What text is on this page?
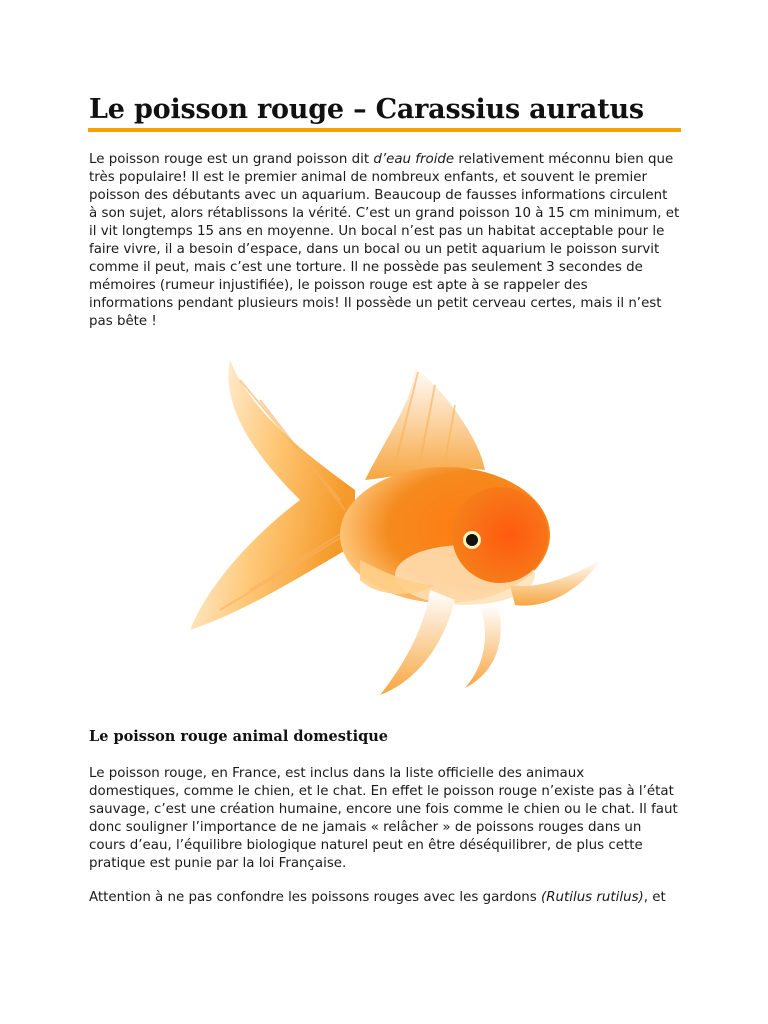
Le poisson rouge – Carassius auratus
Le poisson rouge est un grand poisson dit d’eau froide relativement méconnu bien que
très populaire! Il est le premier animal de nombreux enfants, et souvent le premier
poisson des débutants avec un aquarium. Beaucoup de fausses informations circulent
à son sujet, alors rétablissons la vérité. C’est un grand poisson 10 à 15 cm minimum, et
il vit longtemps 15 ans en moyenne. Un bocal n’est pas un habitat acceptable pour le
faire vivre, il a besoin d’espace, dans un bocal ou un petit aquarium le poisson survit
comme il peut, mais c’est une torture. Il ne possède pas seulement 3 secondes de
mémoires (rumeur injustifiée), le poisson rouge est apte à se rappeler des
informations pendant plusieurs mois! Il possède un petit cerveau certes, mais il n’est
pas bête !
Le poisson rouge animal domestique
Le poisson rouge, en France, est inclus dans la liste officielle des animaux
domestiques, comme le chien, et le chat. En effet le poisson rouge n’existe pas à l’état
sauvage, c’est une création humaine, encore une fois comme le chien ou le chat. Il faut
donc souligner l’importance de ne jamais « relâcher » de poissons rouges dans un
cours d’eau, l’équilibre biologique naturel peut en être déséquilibrer, de plus cette
pratique est punie par la loi Française.
Attention à ne pas confondre les poissons rouges avec les gardons (Rutilus rutilus), et
